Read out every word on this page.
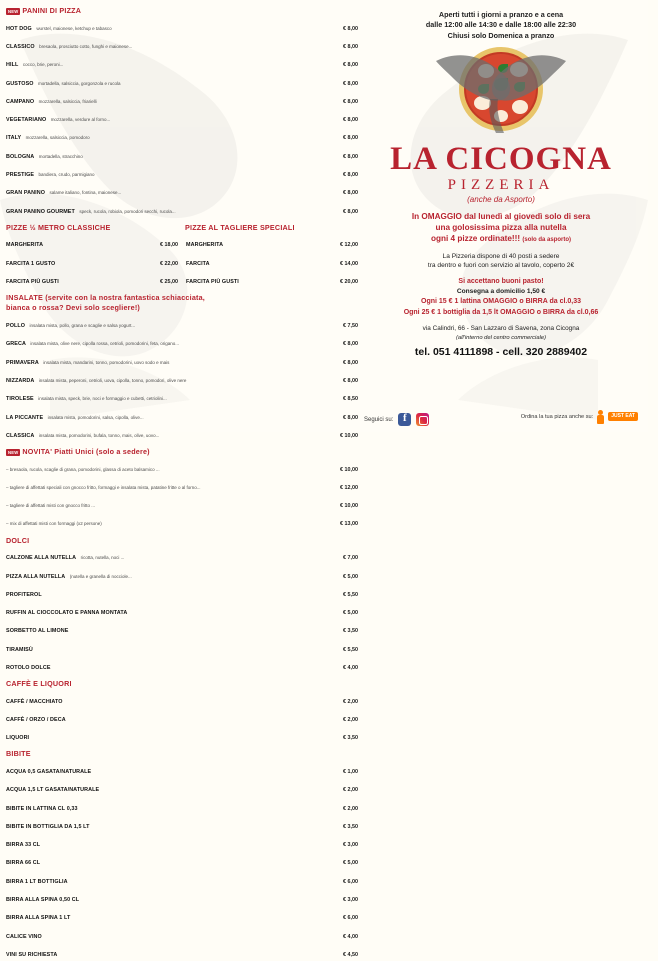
NEW PANINI DI PIZZA
HOT DOG wurstel, maionese, ketchup e tabasco	€ 8,00
CLASSICO bresaola, prosciutto cotto, funghi e maionese...	€ 8,00
HILL cocco, brie, peroni...	€ 8,00
GUSTOSO mortadella, salsiccia, gorgonzola e rucola	€ 8,00
CAMPANO mozzarella, salsiccia, friarielli	€ 8,00
VEGETARIANO mozzarella, verdure al forno...	€ 8,00
ITALY mozzarella, salsiccia, pomodoro	€ 8,00
BOLOGNA mortadella, stracchino	€ 8,00
PRESTIGE bandiera, crudo, parmigiano	€ 8,00
GRAN PANINO salame italiano, fontina, maionese...	€ 8,00
GRAN PANINO GOURMET speck, rucola, robiola, pomodori secchi, rucola...	€ 8,00
PIZZE ½ METRO CLASSICHE	PIZZE AL TAGLIERE SPECIALI
MARGHERITA	€ 18,00
FARCITA 1 GUSTO	€ 22,00
FARCITA PIÙ GUSTI	€ 25,00
MARGHERITA	€ 12,00
FARCITA	€ 14,00
FARCITA PIÙ GUSTI	€ 20,00
INSALATE (servite con la nostra fantastica schiacciata,
bianca o rossa? Devi solo scegliere!)
POLLO insalata mista, pollo, grana e scaglie e salsa yogurt...	€ 7,50
GRECA insalata mista, olive nere, cipolla rossa, cetrioli, pomodorini, feta, origano...	€ 8,00
PRIMAVERA insalata mista, mandarini, tonno, pomodorini, uovo sodo e mais	€ 8,00
NIZZARDA insalata mista, peperoni, cetrioli, uova, cipolla, tonno, pomodori, olive nere	€ 8,00
TIROLESE insalata mista, speck, brie, noci e formaggio e cubetti, cetriolini...	€ 8,50
LA PICCANTE insalata mista, pomodorini, salsa, cipolla, olive...	€ 8,00
CLASSICA insalata mista, pomodorini, bufala, tonno, mais, olive, uovo...	€ 10,00
NEW NOVITA' Piatti Unici (solo a sedere)
– bresaola, rucola, scaglie di grana, pomodorini, glassa di aceto balsamico ...	€ 10,00
– tagliere di affettati speciali con gnocco fritto, formaggi e insalata mista, patatine fritte o al forno...	€ 12,00
– tagliere di affettati misti con gnocco fritto ...	€ 10,00
– mix di affettati misti con formaggi (x2 persone)	€ 13,00
DOLCI
CALZONE ALLA NUTELLA ricotta, nutella, noci ...	€ 7,00
PIZZA ALLA NUTELLA (nutella e granella di nocciole...	€ 5,00
PROFITEROL	€ 5,50
RUFFIN AL CIOCCOLATO E PANNA MONTATA	€ 5,00
SORBETTO AL LIMONE	€ 3,50
TIRAMISÙ	€ 5,50
ROTOLO DOLCE	€ 4,00
CAFFÈ E LIQUORI
CAFFÈ / MACCHIATO	€ 2,00
CAFFÈ / ORZO / DECA	€ 2,00
LIQUORI	€ 3,50
BIBITE
ACQUA 0,5 GASATA/NATURALE	€ 1,00
ACQUA 1,5 LT GASATA/NATURALE	€ 2,00
BIBITE IN LATTINA CL 0,33	€ 2,00
BIBITE IN BOTTIGLIA DA 1,5 LT	€ 3,50
BIRRA 33 CL	€ 3,00
BIRRA 66 CL	€ 5,00
BIRRA 1 LT BOTTIGLIA	€ 6,00
BIRRA ALLA SPINA 0,50 CL	€ 3,00
BIRRA ALLA SPINA 1 LT	€ 6,00
CALICE VINO	€ 4,00
VINI SU RICHIESTA	€ 4,50
Aperti tutti i giorni a pranzo e a cena
dalle 12:00 alle 14:30 e dalle 18:00 alle 22:30
Chiusi solo Domenica a pranzo
LA CICOGNA
PIZZERIA
(anche da Asporto)
In OMAGGIO dal lunedì al giovedì solo di sera
una golosissima pizza alla nutella
ogni 4 pizze ordinate!!! (solo da asporto)
La Pizzeria dispone di 40 posti a sedere
tra dentro e fuori con servizio al tavolo, coperto 2€
Si accettano buoni pasto!
Consegna a domicilio 1,50 €
Ogni 15 € 1 lattina OMAGGIO o BIRRA da cl.0,33
Ogni 25 € 1 bottiglia da 1,5 lt OMAGGIO o BIRRA da cl.0,66
via Calindri, 66 - San Lazzaro di Savena, zona Cicogna
(all'interno del centro commerciale)
tel. 051 4111898 - cell. 320 2889402
Seguici su: f	Ordina la tua pizza anche su:	JUST EAT
